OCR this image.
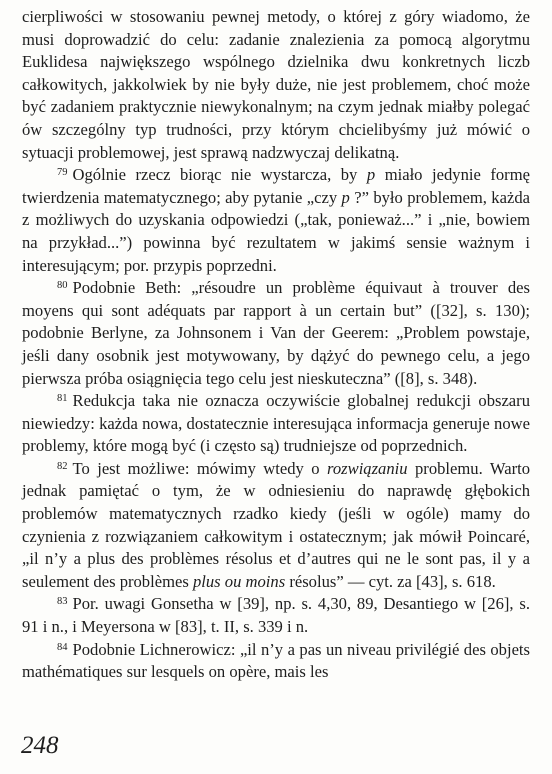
cierpliwości w stosowaniu pewnej metody, o której z góry wiadomo, że musi doprowadzić do celu: zadanie znalezienia za pomocą algorytmu Euklidesa największego wspólnego dzielnika dwu konkretnych liczb całkowitych, jakkolwiek by nie były duże, nie jest problemem, choć może być zadaniem praktycznie niewykonalnym; na czym jednak miałby polegać ów szczególny typ trudności, przy którym chcielibyśmy już mówić o sytuacji problemowej, jest sprawą nadzwyczaj delikatną.

$^{79}$ Ogólnie rzecz biorąc nie wystarcza, by p miało jedynie formę twierdzenia matematycznego; aby pytanie „czy p ?” było problemem, każda z możliwych do uzyskania odpowiedzi („tak, ponieważ...” i „nie, bowiem na przykład...”) powinna być rezultatem w jakimś sensie ważnym i interesującym; por. przypis poprzedni.

$^{80}$ Podobnie Beth: „résoudre un problème équivaut à trouver des moyens qui sont adéquats par rapport à un certain but” ([32], s. 130); podobnie Berlyne, za Johnsonem i Van der Geerem: „Problem powstaje, jeśli dany osobnik jest motywowany, by dążyć do pewnego celu, a jego pierwsza próba osiągnięcia tego celu jest nieskuteczna” ([8], s. 348).

$^{81}$ Redukcja taka nie oznacza oczywiście globalnej redukcji obszaru niewiedzy: każda nowa, dostatecznie interesująca informacja generuje nowe problemy, które mogą być (i często są) trudniejsze od poprzednich.

$^{82}$ To jest możliwe: mówimy wtedy o rozwiązaniu problemu. Warto jednak pamiętać o tym, że w odniesieniu do naprawdę głębokich problemów matematycznych rzadko kiedy (jeśli w ogóle) mamy do czynienia z rozwiązaniem całkowitym i ostatecznym; jak mówił Poincaré, „il n’y a plus des problèmes résolus et d’autres qui ne le sont pas, il y a seulement des problèmes plus ou moins résolus” — cyt. za [43], s. 618.

$^{83}$ Por. uwagi Gonsetha w [39], np. s. 4,30, 89, Desantiego w [26], s. 91 i n., i Meyersona w [83], t. II, s. 339 i n.

$^{84}$ Podobnie Lichnerowicz: „il n’y a pas un niveau privilégié des objets mathématiques sur lesquels on opère, mais les

248
